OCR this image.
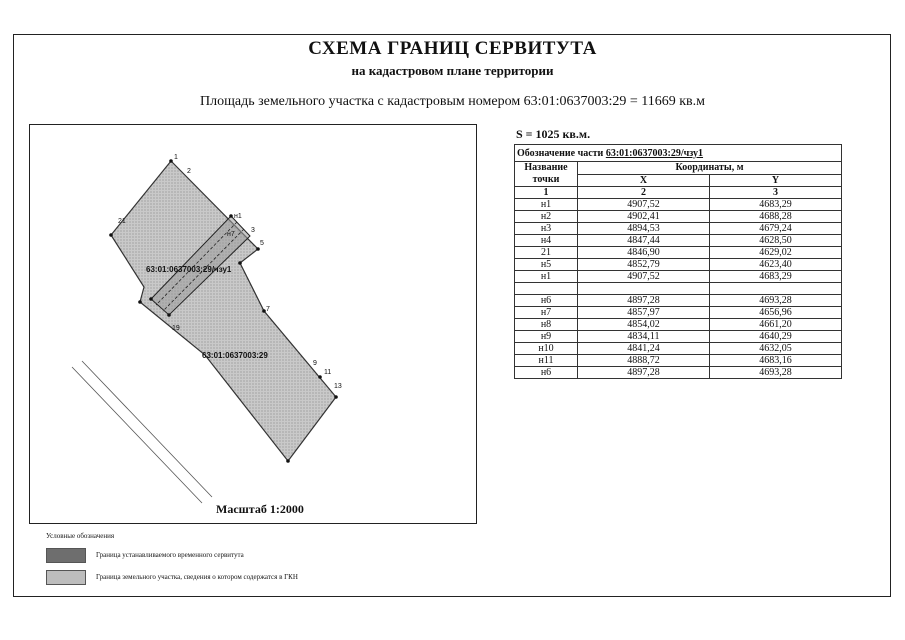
СХЕМА ГРАНИЦ СЕРВИТУТА
на кадастровом плане территории
Площадь земельного участка с кадастровым номером 63:01:0637003:29 = 11669 кв.м
1
2
н1
3
н7
5
7
9
11
13
19
21
63:01:0637003:29/чзу1
63:01:0637003:29
Масштаб 1:2000
S = 1025 кв.м.
Обозначение части 63:01:0637003:29/чзу1		
Название точки	Координаты, м	
	X	Y
1	2	3
н1	4907,52	4683,29
н2	4902,41	4688,28
н3	4894,53	4679,24
н4	4847,44	4628,50
21	4846,90	4629,02
н5	4852,79	4623,40
н1	4907,52	4683,29

н6	4897,28	4693,28
н7	4857,97	4656,96
н8	4854,02	4661,20
н9	4834,11	4640,29
н10	4841,24	4632,05
н11	4888,72	4683,16
н6	4897,28	4693,28
Условные обозначения
Граница устанавливаемого временного сервитута
Граница земельного участка, сведения о котором содержатся в ГКН
